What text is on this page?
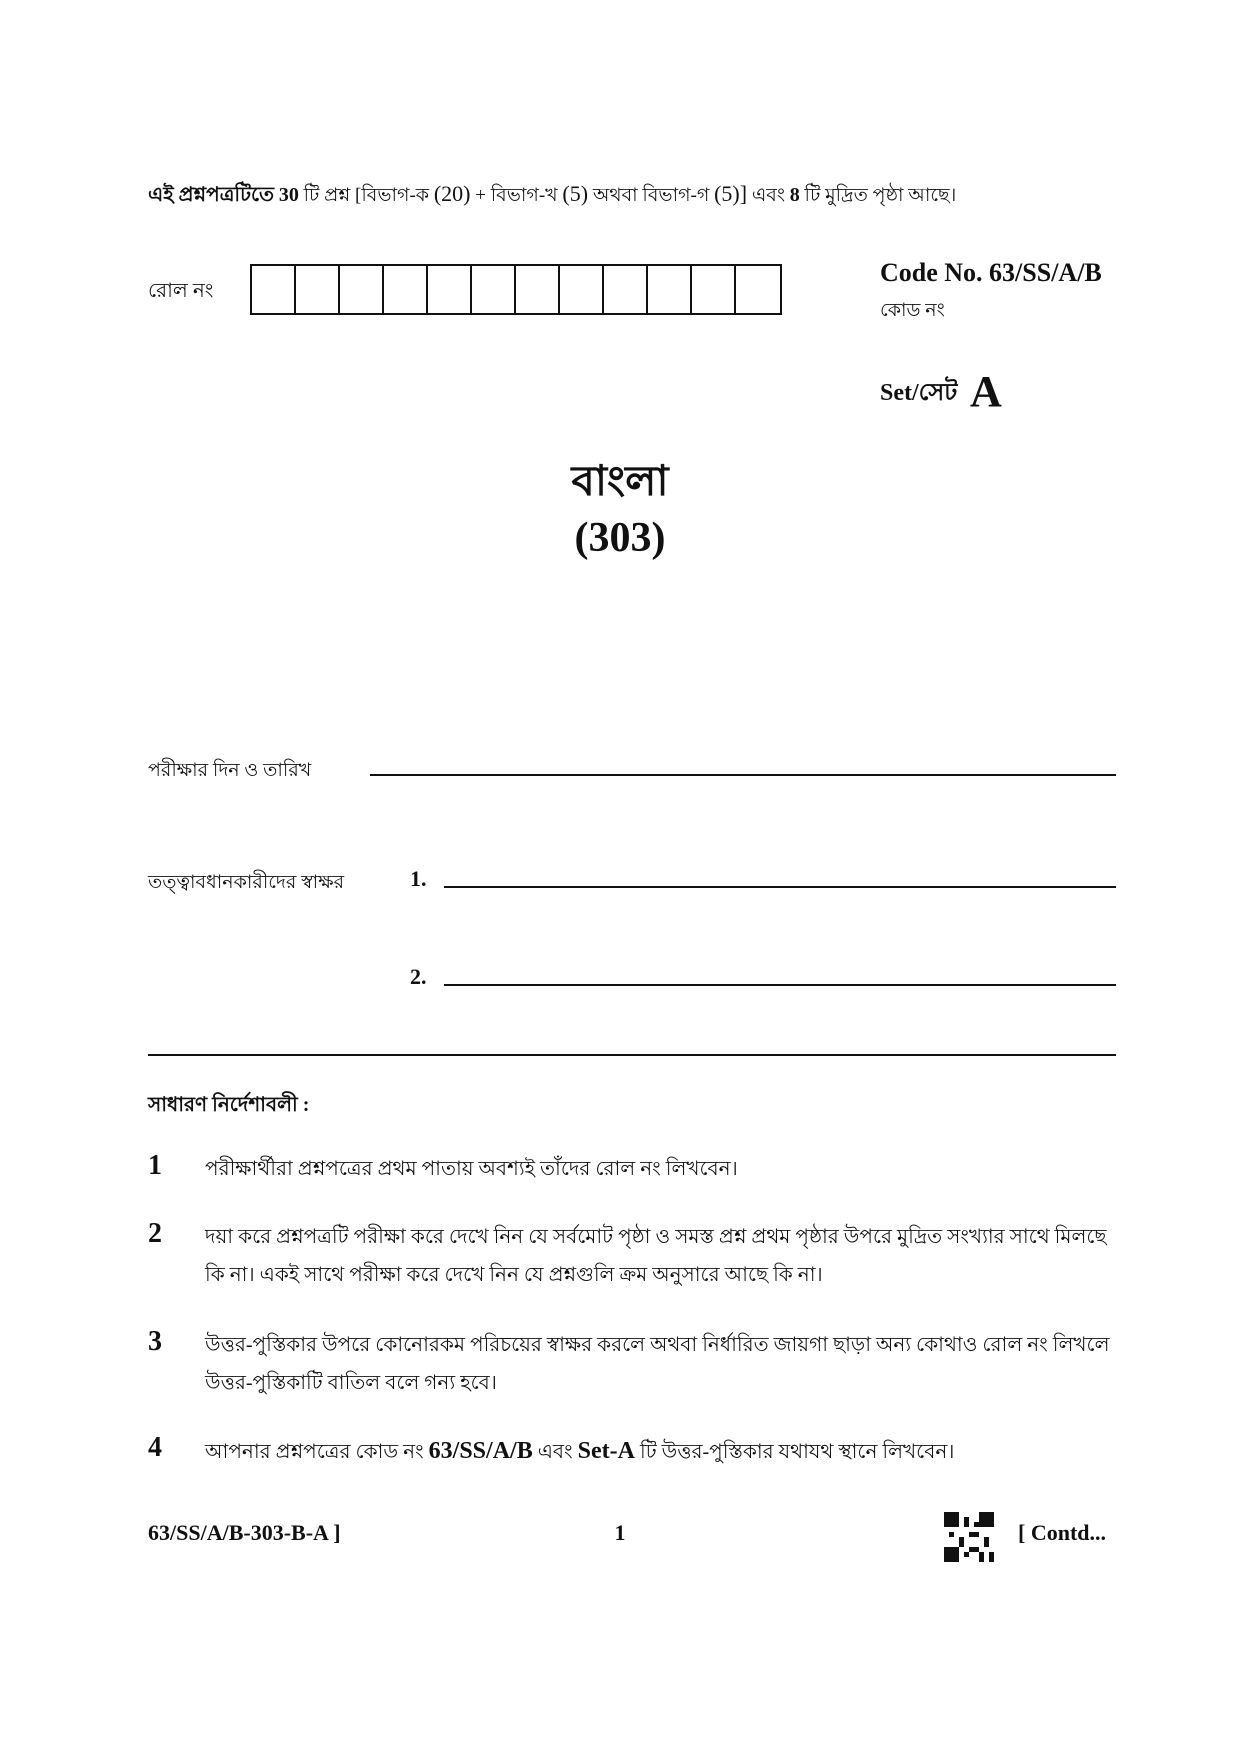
এই প্রশ্নপত্রটিতে 30 টি প্রশ্ন [বিভাগ-ক (20) + বিভাগ-খ (5) অথবা বিভাগ-গ (5)] এবং 8 টি মুদ্রিত পৃষ্ঠা আছে।
রোল নং
Code No. 63/SS/A/B
কোড নং
Set/সেট A
বাংলা
(303)
পরীক্ষার দিন ও তারিখ
তত্ত্বাবধানকারীদের স্বাক্ষর	1.
2.
সাধারণ নির্দেশাবলী :
1 পরীক্ষার্থীরা প্রশ্নপত্রের প্রথম পাতায় অবশ্যই তাঁদের রোল নং লিখবেন।
2 দয়া করে প্রশ্নপত্রটি পরীক্ষা করে দেখে নিন যে সর্বমোট পৃষ্ঠা ও সমস্ত প্রশ্ন প্রথম পৃষ্ঠার উপরে মুদ্রিত সংখ্যার সাথে মিলছে কি না। একই সাথে পরীক্ষা করে দেখে নিন যে প্রশ্নগুলি ক্রম অনুসারে আছে কি না।
3 উত্তর-পুস্তিকার উপরে কোনোরকম পরিচয়ের স্বাক্ষর করলে অথবা নির্ধারিত জায়গা ছাড়া অন্য কোথাও রোল নং লিখলে উত্তর-পুস্তিকাটি বাতিল বলে গন্য হবে।
4 আপনার প্রশ্নপত্রের কোড নং 63/SS/A/B এবং Set-A টি উত্তর-পুস্তিকার যথাযথ স্থানে লিখবেন।
63/SS/A/B-303-B-A ]	1	[ Contd...
